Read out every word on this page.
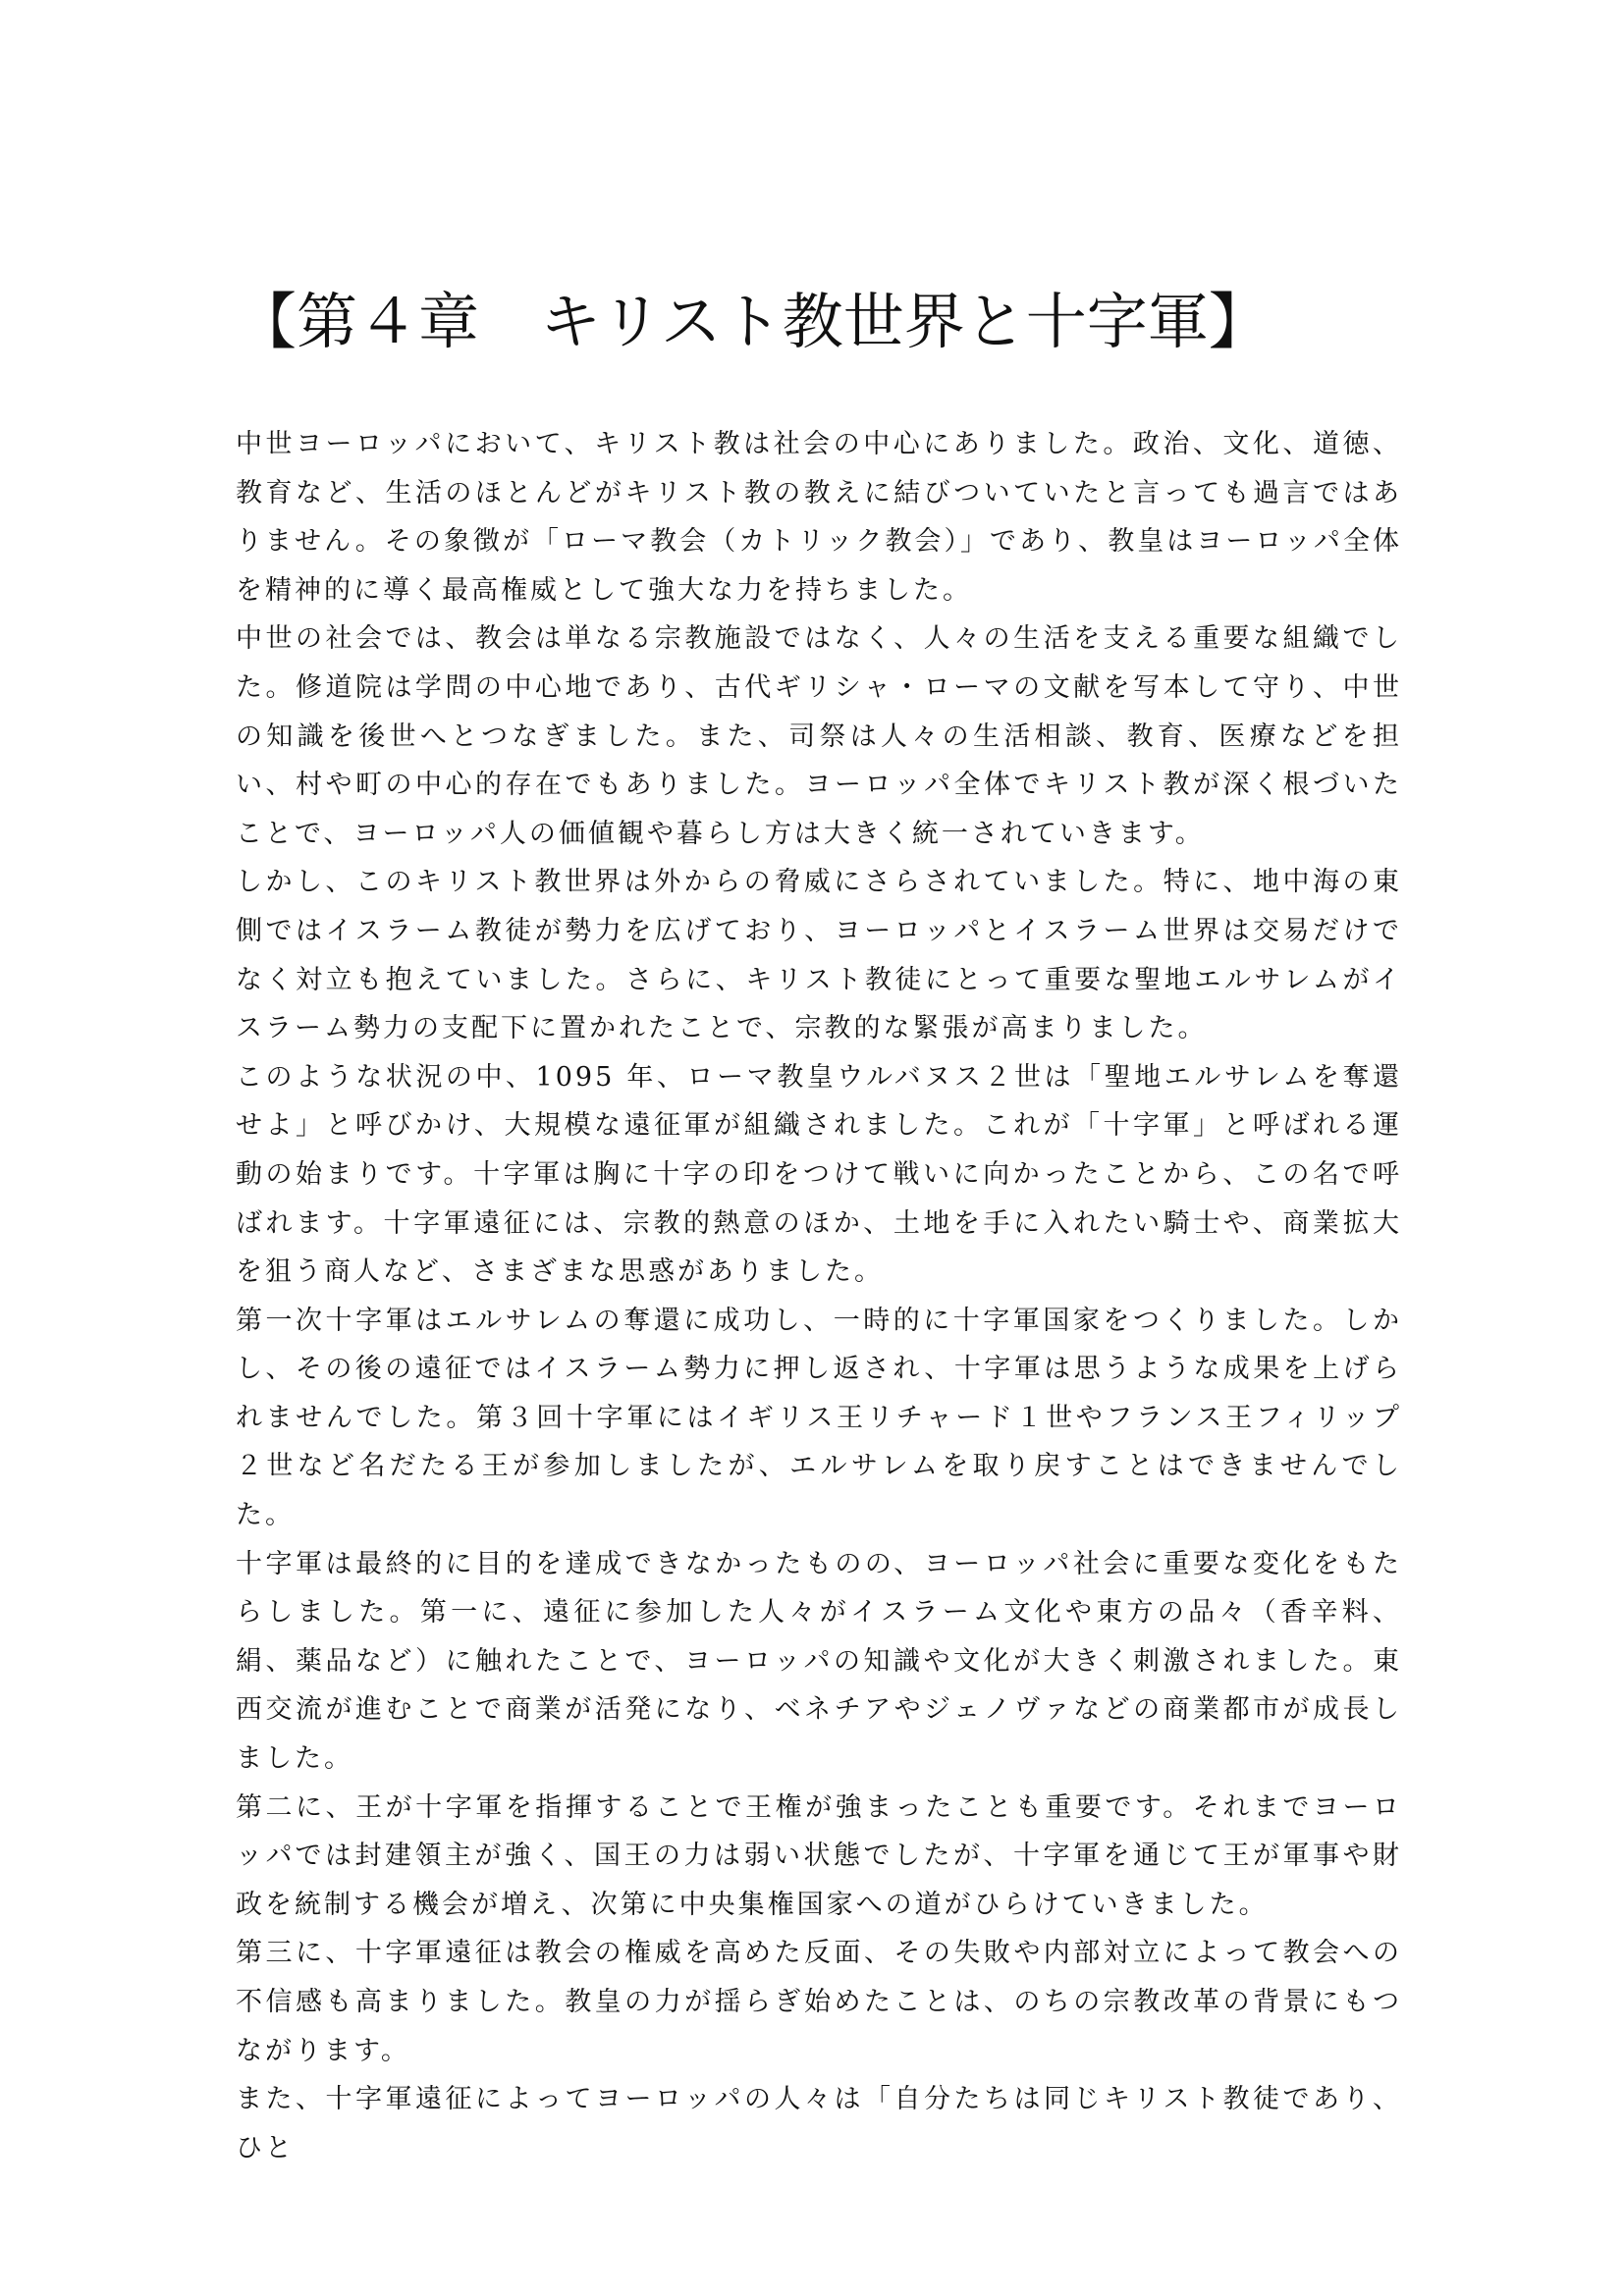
【第４章　キリスト教世界と十字軍】

中世ヨーロッパにおいて、キリスト教は社会の中心にありました。政治、文化、道徳、教育など、生活のほとんどがキリスト教の教えに結びついていたと言っても過言ではありません。その象徴が「ローマ教会（カトリック教会）」であり、教皇はヨーロッパ全体を精神的に導く最高権威として強大な力を持ちました。

中世の社会では、教会は単なる宗教施設ではなく、人々の生活を支える重要な組織でした。修道院は学問の中心地であり、古代ギリシャ・ローマの文献を写本して守り、中世の知識を後世へとつなぎました。また、司祭は人々の生活相談、教育、医療などを担い、村や町の中心的存在でもありました。ヨーロッパ全体でキリスト教が深く根づいたことで、ヨーロッパ人の価値観や暮らし方は大きく統一されていきます。

しかし、このキリスト教世界は外からの脅威にさらされていました。特に、地中海の東側ではイスラーム教徒が勢力を広げており、ヨーロッパとイスラーム世界は交易だけでなく対立も抱えていました。さらに、キリスト教徒にとって重要な聖地エルサレムがイスラーム勢力の支配下に置かれたことで、宗教的な緊張が高まりました。

このような状況の中、1095 年、ローマ教皇ウルバヌス２世は「聖地エルサレムを奪還せよ」と呼びかけ、大規模な遠征軍が組織されました。これが「十字軍」と呼ばれる運動の始まりです。十字軍は胸に十字の印をつけて戦いに向かったことから、この名で呼ばれます。十字軍遠征には、宗教的熱意のほか、土地を手に入れたい騎士や、商業拡大を狙う商人など、さまざまな思惑がありました。

第一次十字軍はエルサレムの奪還に成功し、一時的に十字軍国家をつくりました。しかし、その後の遠征ではイスラーム勢力に押し返され、十字軍は思うような成果を上げられませんでした。第３回十字軍にはイギリス王リチャード１世やフランス王フィリップ２世など名だたる王が参加しましたが、エルサレムを取り戻すことはできませんでした。

十字軍は最終的に目的を達成できなかったものの、ヨーロッパ社会に重要な変化をもたらしました。第一に、遠征に参加した人々がイスラーム文化や東方の品々（香辛料、絹、薬品など）に触れたことで、ヨーロッパの知識や文化が大きく刺激されました。東西交流が進むことで商業が活発になり、ベネチアやジェノヴァなどの商業都市が成長しました。

第二に、王が十字軍を指揮することで王権が強まったことも重要です。それまでヨーロッパでは封建領主が強く、国王の力は弱い状態でしたが、十字軍を通じて王が軍事や財政を統制する機会が増え、次第に中央集権国家への道がひらけていきました。

第三に、十字軍遠征は教会の権威を高めた反面、その失敗や内部対立によって教会への不信感も高まりました。教皇の力が揺らぎ始めたことは、のちの宗教改革の背景にもつながります。

また、十字軍遠征によってヨーロッパの人々は「自分たちは同じキリスト教徒であり、ひと
